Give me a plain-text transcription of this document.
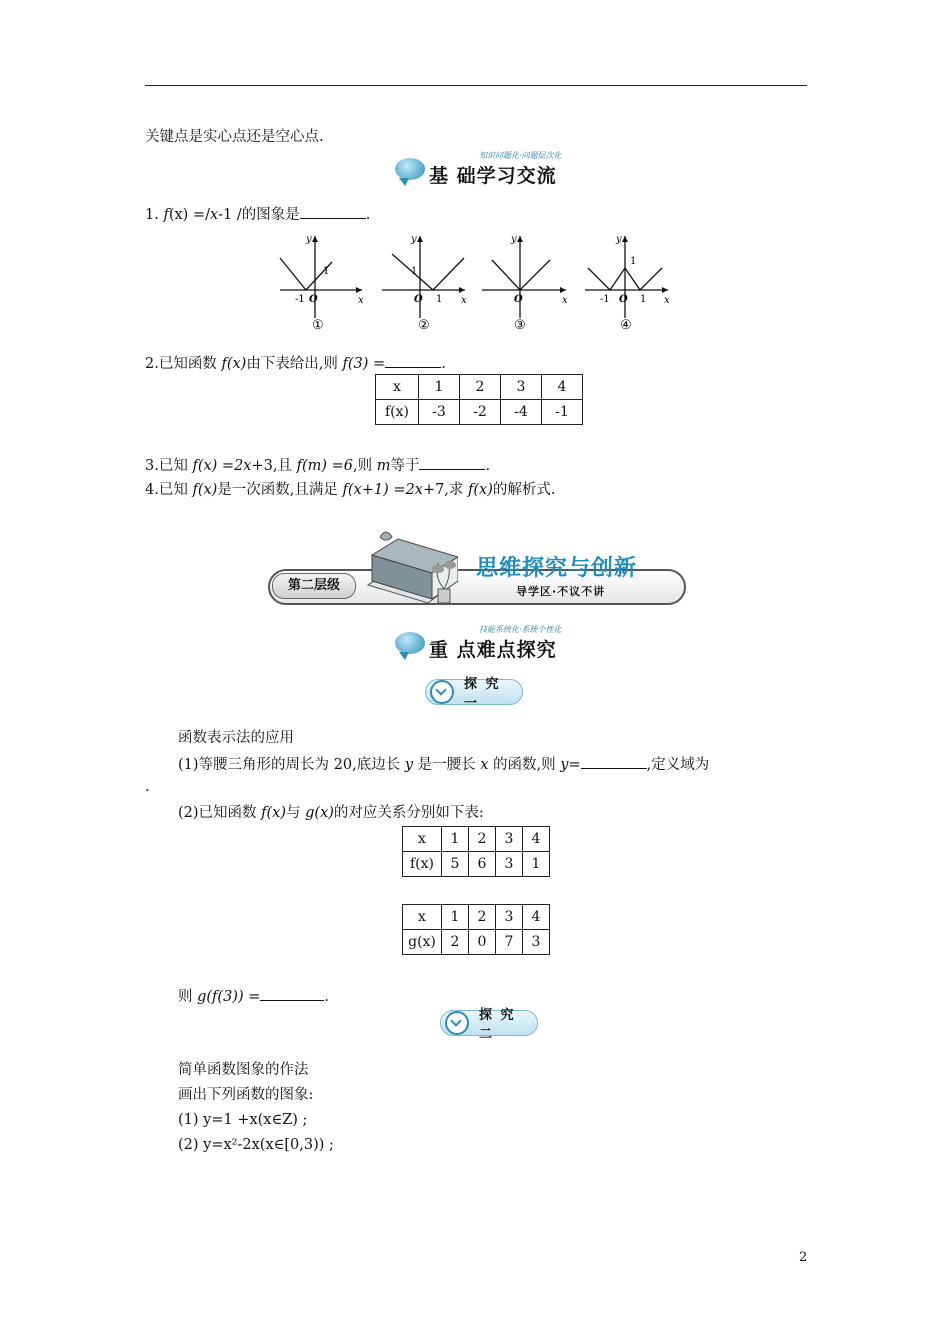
关键点是实心点还是空心点.
知识问题化·问题层次化
基 础学习交流
1. f(x) =/x-1 /的图象是	.
y
x
y
x
y
x
y
x
O	O	O	O
-1
1	1
1	-1
1
1
①	②	③	④
2.已知函数 f(x)由下表给出,则 f(3) =	.
x	1	2	3	4
f(x)	-3	-2	-4	-1
3.已知 f(x) =2x+3,且 f(m) =6,则 m等于	.
4.已知 f(x)是一次函数,且满足 f(x+1) =2x+7,求 f(x)的解析式.
第二层级
思维探究与创新
导学区·不议不讲
技能系统化·系统个性化
重 点难点探究
探 究 一
函数表示法的应用
(1)等腰三角形的周长为 20,底边长 y 是一腰长 x 的函数,则 y=	,定义域为
.
(2)已知函数 f(x)与 g(x)的对应关系分别如下表:
x	1	2	3	4
f(x)	5	6	3	1
x	1	2	3	4
g(x)	2	0	7	3
则 g(f(3)) =	.
探 究 二
简单函数图象的作法
画出下列函数的图象:
(1) y=1 +x(x∈Z) ;
(2) y=x²-2x(x∈[0,3)) ;
2
